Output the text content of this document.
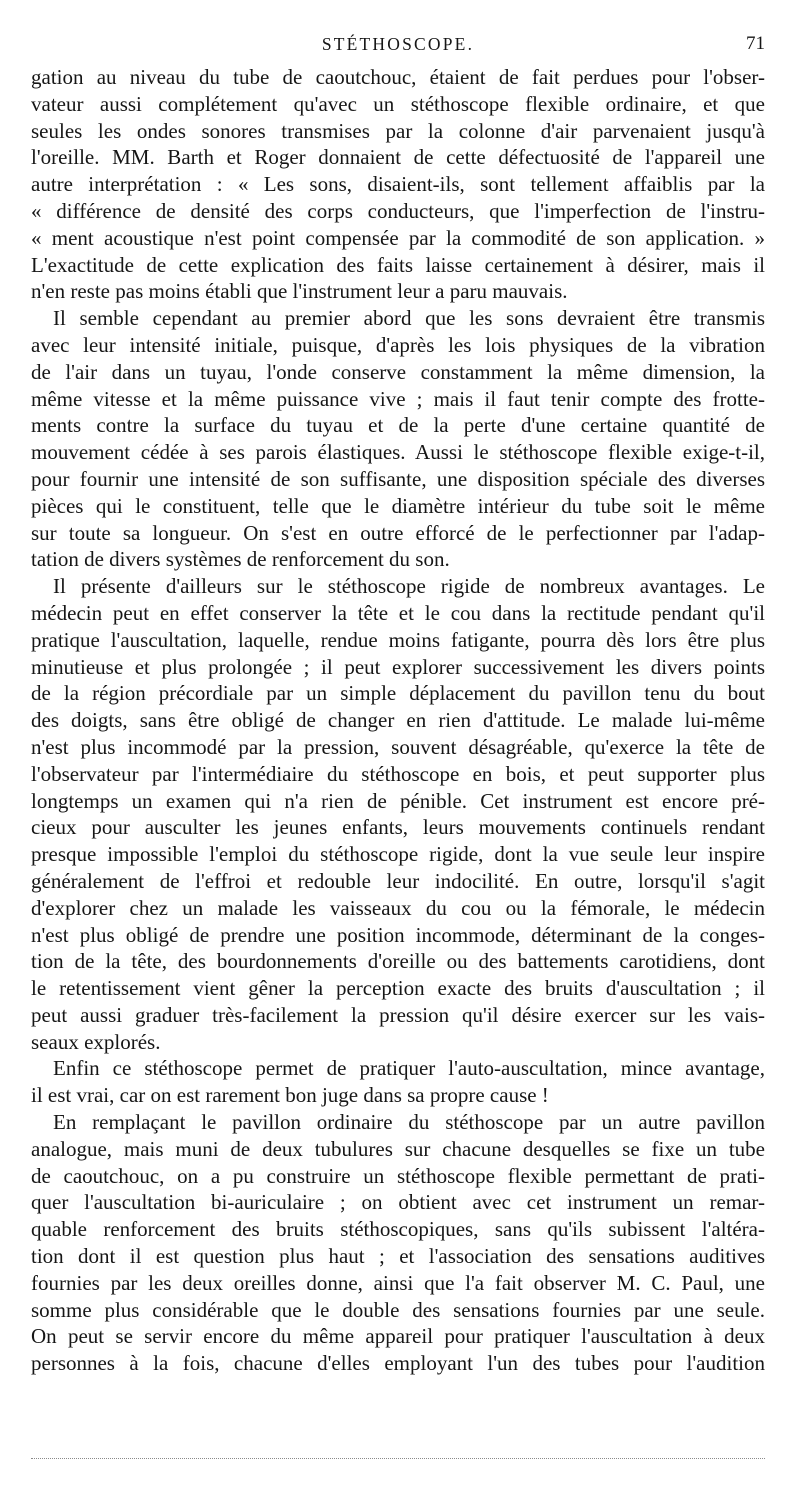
STÉTHOSCOPE.	71
gation au niveau du tube de caoutchouc, étaient de fait perdues pour l'obser-
vateur aussi complétement qu'avec un stéthoscope flexible ordinaire, et que
seules les ondes sonores transmises par la colonne d'air parvenaient jusqu'à
l'oreille. MM. Barth et Roger donnaient de cette défectuosité de l'appareil une
autre interprétation : « Les sons, disaient-ils, sont tellement affaiblis par la
« différence de densité des corps conducteurs, que l'imperfection de l'instru-
« ment acoustique n'est point compensée par la commodité de son application. »
L'exactitude de cette explication des faits laisse certainement à désirer, mais il
n'en reste pas moins établi que l'instrument leur a paru mauvais.
Il semble cependant au premier abord que les sons devraient être transmis
avec leur intensité initiale, puisque, d'après les lois physiques de la vibration
de l'air dans un tuyau, l'onde conserve constamment la même dimension, la
même vitesse et la même puissance vive ; mais il faut tenir compte des frotte-
ments contre la surface du tuyau et de la perte d'une certaine quantité de
mouvement cédée à ses parois élastiques. Aussi le stéthoscope flexible exige-t-il,
pour fournir une intensité de son suffisante, une disposition spéciale des diverses
pièces qui le constituent, telle que le diamètre intérieur du tube soit le même
sur toute sa longueur. On s'est en outre efforcé de le perfectionner par l'adap-
tation de divers systèmes de renforcement du son.
Il présente d'ailleurs sur le stéthoscope rigide de nombreux avantages. Le
médecin peut en effet conserver la tête et le cou dans la rectitude pendant qu'il
pratique l'auscultation, laquelle, rendue moins fatigante, pourra dès lors être plus
minutieuse et plus prolongée ; il peut explorer successivement les divers points
de la région précordiale par un simple déplacement du pavillon tenu du bout
des doigts, sans être obligé de changer en rien d'attitude. Le malade lui-même
n'est plus incommodé par la pression, souvent désagréable, qu'exerce la tête de
l'observateur par l'intermédiaire du stéthoscope en bois, et peut supporter plus
longtemps un examen qui n'a rien de pénible. Cet instrument est encore pré-
cieux pour ausculter les jeunes enfants, leurs mouvements continuels rendant
presque impossible l'emploi du stéthoscope rigide, dont la vue seule leur inspire
généralement de l'effroi et redouble leur indocilité. En outre, lorsqu'il s'agit
d'explorer chez un malade les vaisseaux du cou ou la fémorale, le médecin
n'est plus obligé de prendre une position incommode, déterminant de la conges-
tion de la tête, des bourdonnements d'oreille ou des battements carotidiens, dont
le retentissement vient gêner la perception exacte des bruits d'auscultation ; il
peut aussi graduer très-facilement la pression qu'il désire exercer sur les vais-
seaux explorés.
Enfin ce stéthoscope permet de pratiquer l'auto-auscultation, mince avantage,
il est vrai, car on est rarement bon juge dans sa propre cause !
En remplaçant le pavillon ordinaire du stéthoscope par un autre pavillon
analogue, mais muni de deux tubulures sur chacune desquelles se fixe un tube
de caoutchouc, on a pu construire un stéthoscope flexible permettant de prati-
quer l'auscultation bi-auriculaire ; on obtient avec cet instrument un remar-
quable renforcement des bruits stéthoscopiques, sans qu'ils subissent l'altéra-
tion dont il est question plus haut ; et l'association des sensations auditives
fournies par les deux oreilles donne, ainsi que l'a fait observer M. C. Paul, une
somme plus considérable que le double des sensations fournies par une seule.
On peut se servir encore du même appareil pour pratiquer l'auscultation à deux
personnes à la fois, chacune d'elles employant l'un des tubes pour l'audition
